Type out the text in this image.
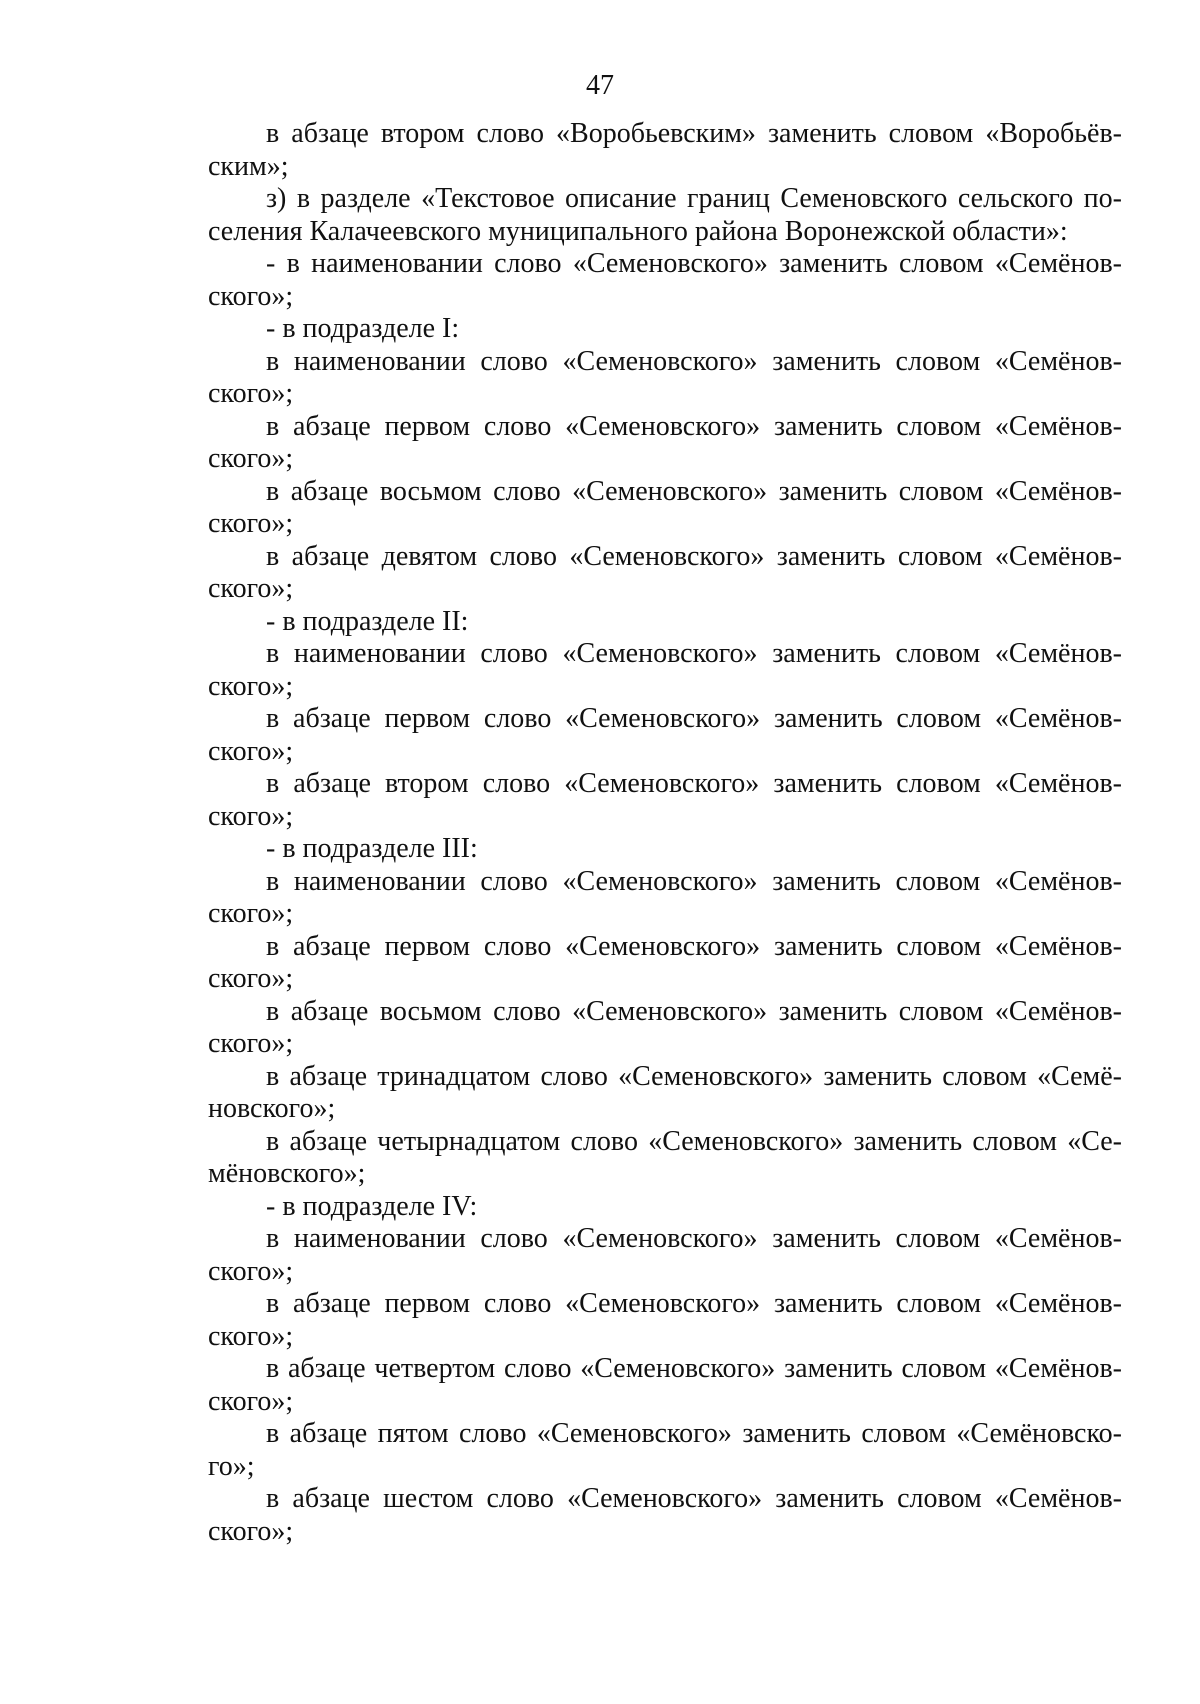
47
в абзаце втором слово «Воробьевским» заменить словом «Воробьёв-
ским»;
з) в разделе «Текстовое описание границ Семеновского сельского по-
селения Калачеевского муниципального района Воронежской области»:
- в наименовании слово «Семеновского» заменить словом «Семёнов-
ского»;
- в подразделе I:
в наименовании слово «Семеновского» заменить словом «Семёнов-
ского»;
в абзаце первом слово «Семеновского» заменить словом «Семёнов-
ского»;
в абзаце восьмом слово «Семеновского» заменить словом «Семёнов-
ского»;
в абзаце девятом слово «Семеновского» заменить словом «Семёнов-
ского»;
- в подразделе II:
в наименовании слово «Семеновского» заменить словом «Семёнов-
ского»;
в абзаце первом слово «Семеновского» заменить словом «Семёнов-
ского»;
в абзаце втором слово «Семеновского» заменить словом «Семёнов-
ского»;
- в подразделе III:
в наименовании слово «Семеновского» заменить словом «Семёнов-
ского»;
в абзаце первом слово «Семеновского» заменить словом «Семёнов-
ского»;
в абзаце восьмом слово «Семеновского» заменить словом «Семёнов-
ского»;
в абзаце тринадцатом слово «Семеновского» заменить словом «Семё-
новского»;
в абзаце четырнадцатом слово «Семеновского» заменить словом «Се-
мёновского»;
- в подразделе IV:
в наименовании слово «Семеновского» заменить словом «Семёнов-
ского»;
в абзаце первом слово «Семеновского» заменить словом «Семёнов-
ского»;
в абзаце четвертом слово «Семеновского» заменить словом «Семёнов-
ского»;
в абзаце пятом слово «Семеновского» заменить словом «Семёновско-
го»;
в абзаце шестом слово «Семеновского» заменить словом «Семёнов-
ского»;
